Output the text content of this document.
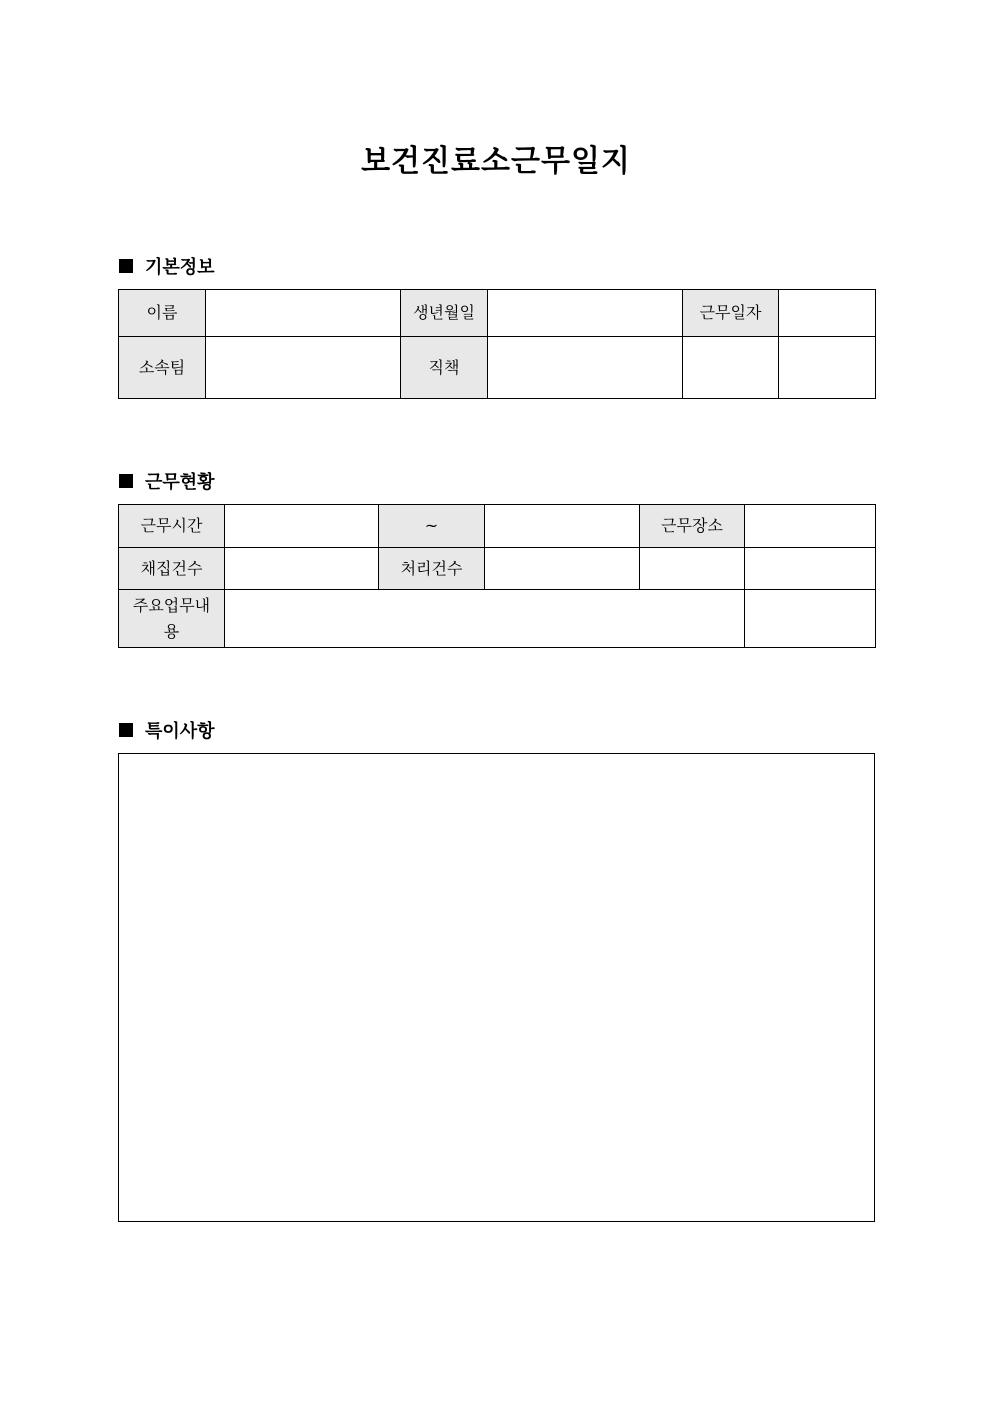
보건진료소근무일지
기본정보
이름		생년월일		근무일자	
소속팀		직책			
근무현황
근무시간		~		근무장소	
채집건수		처리건수			
주요업무내용					
특이사항
